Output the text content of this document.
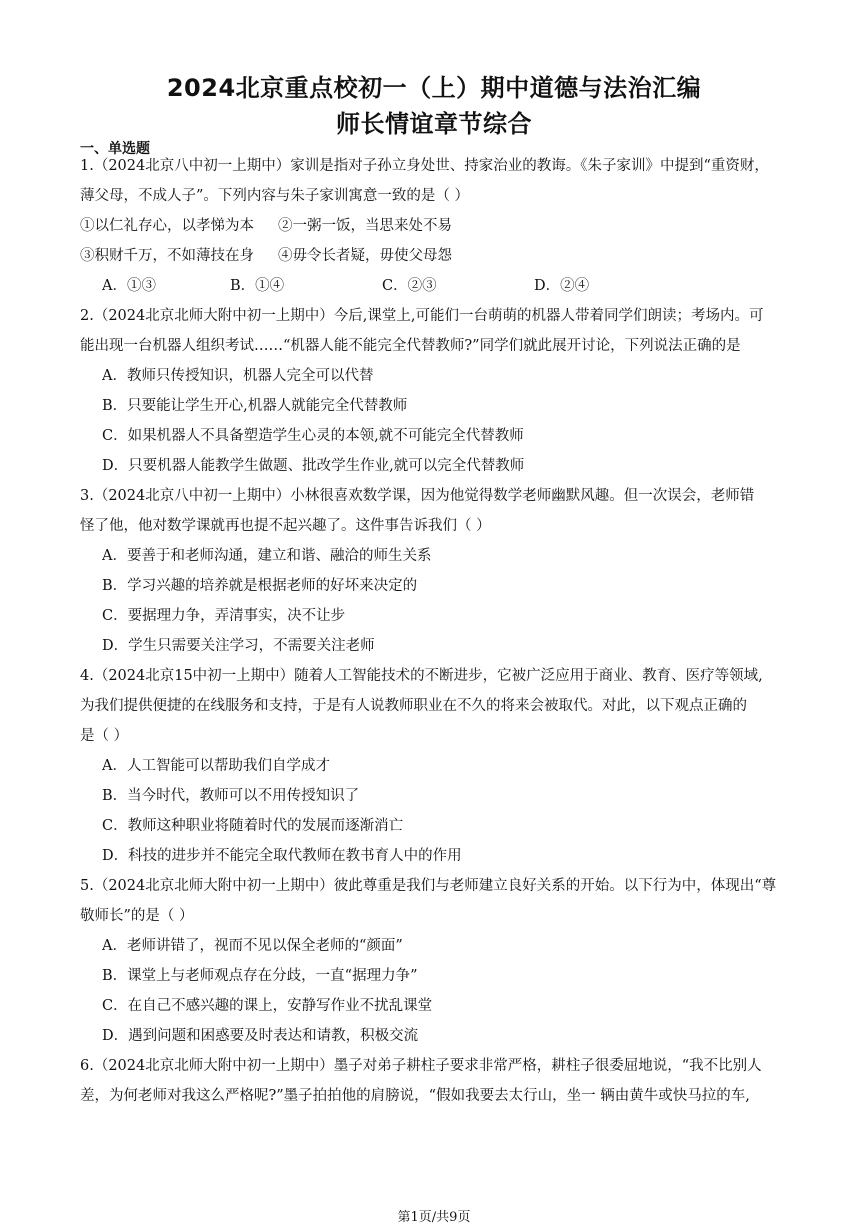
2024北京重点校初一（上）期中道德与法治汇编
师长情谊章节综合
一、单选题
1.（2024北京八中初一上期中）家训是指对子孙立身处世、持家治业的教诲。《朱子家训》中提到“重资财，
薄父母，不成人子”。下列内容与朱子家训寓意一致的是（ ）
①以仁礼存心，以孝悌为本 ②一粥一饭，当思来处不易
③积财千万，不如薄技在身 ④毋令长者疑，毋使父母怨
A．①③	B．①④	C．②③	D．②④
2.（2024北京北师大附中初一上期中）今后,课堂上,可能们一台萌萌的机器人带着同学们朗读；考场内。可
能出现一台机器人组织考试……“机器人能不能完全代替教师?”同学们就此展开讨论，下列说法正确的是
A．教师只传授知识，机器人完全可以代替
B．只要能让学生开心,机器人就能完全代替教师
C．如果机器人不具备塑造学生心灵的本领,就不可能完全代替教师
D．只要机器人能教学生做题、批改学生作业,就可以完全代替教师
3.（2024北京八中初一上期中）小林很喜欢数学课，因为他觉得数学老师幽默风趣。但一次误会，老师错
怪了他，他对数学课就再也提不起兴趣了。这件事告诉我们（ ）
A．要善于和老师沟通，建立和谐、融洽的师生关系
B．学习兴趣的培养就是根据老师的好坏来决定的
C．要据理力争，弄清事实，决不让步
D．学生只需要关注学习，不需要关注老师
4.（2024北京15中初一上期中）随着人工智能技术的不断进步，它被广泛应用于商业、教育、医疗等领域,
为我们提供便捷的在线服务和支持，于是有人说教师职业在不久的将来会被取代。对此，以下观点正确的
是（ ）
A．人工智能可以帮助我们自学成才
B．当今时代，教师可以不用传授知识了
C．教师这种职业将随着时代的发展而逐渐消亡
D．科技的进步并不能完全取代教师在教书育人中的作用
5.（2024北京北师大附中初一上期中）彼此尊重是我们与老师建立良好关系的开始。以下行为中，体现出“尊
敬师长”的是（ ）
A．老师讲错了，视而不见以保全老师的“颜面”
B．课堂上与老师观点存在分歧，一直“据理力争”
C．在自己不感兴趣的课上，安静写作业不扰乱课堂
D．遇到问题和困惑要及时表达和请教，积极交流
6.（2024北京北师大附中初一上期中）墨子对弟子耕柱子要求非常严格，耕柱子很委屈地说，“我不比别人
差，为何老师对我这么严格呢?”墨子拍拍他的肩膀说，“假如我要去太行山，坐一 辆由黄牛或快马拉的车,
第1页/共9页
